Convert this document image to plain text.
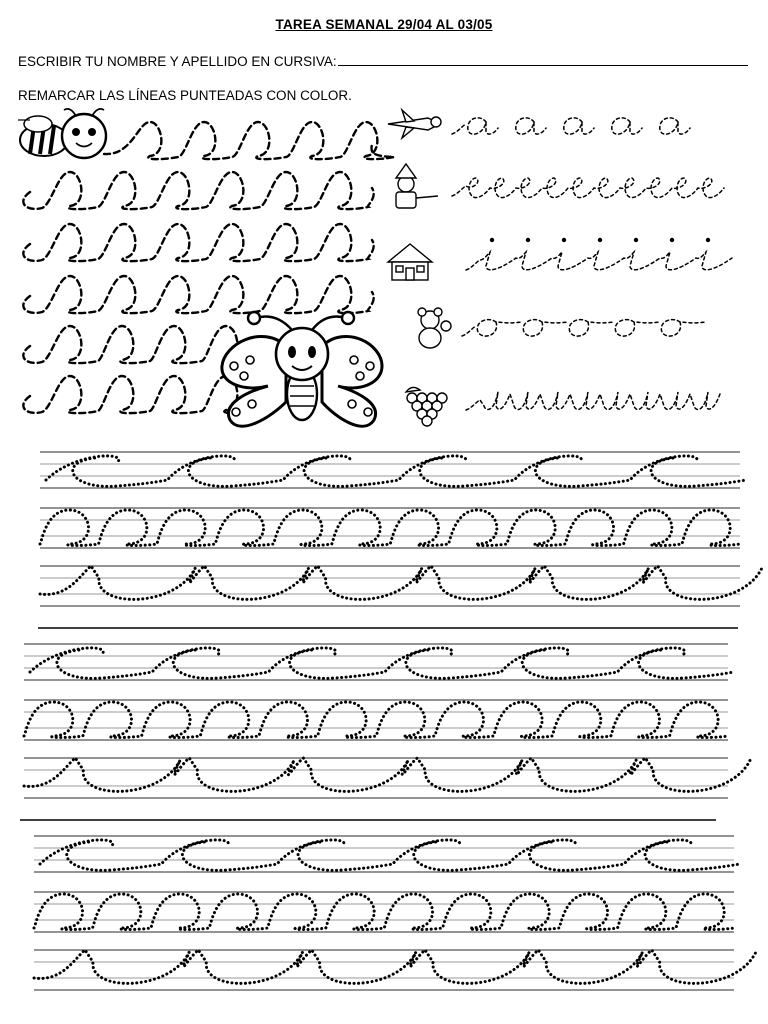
TAREA SEMANAL 29/04 AL 03/05
ESCRIBIR TU NOMBRE Y APELLIDO EN CURSIVA:
REMARCAR LAS LÍNEAS PUNTEADAS CON COLOR.
